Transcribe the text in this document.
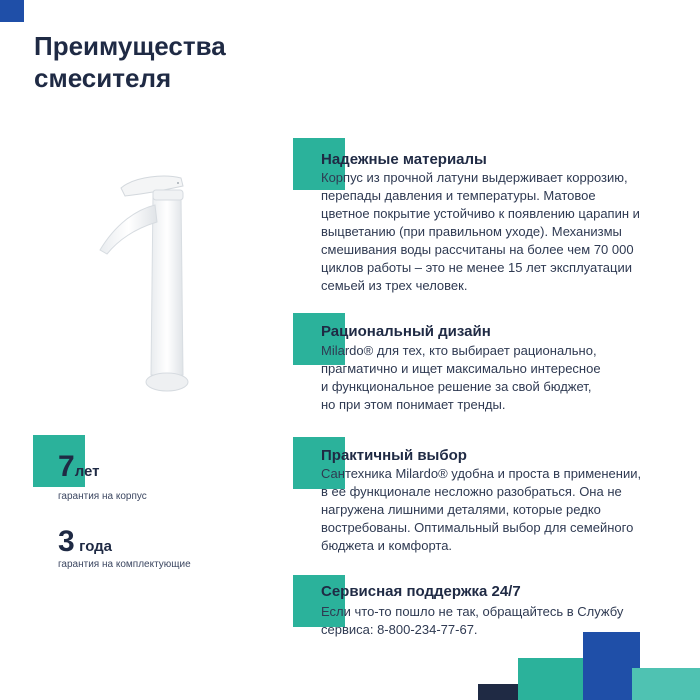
Преимущества
смесителя
Надежные материалы
Корпус из прочной латуни выдерживает коррозию,
перепады давления и температуры. Матовое
цветное покрытие устойчиво к появлению царапин и
выцветанию (при правильном уходе). Механизмы
смешивания воды рассчитаны на более чем 70 000
циклов работы – это не менее 15 лет эксплуатации
семьей из трех человек.
Рациональный дизайн
Milardo® для тех, кто выбирает рационально,
прагматично и ищет максимально интересное
и функциональное решение за свой бюджет,
но при этом понимает тренды.
Практичный выбор
Сантехника Milardo® удобна и проста в применении,
в ее функционале несложно разобраться. Она не
нагружена лишними деталями, которые редко
востребованы. Оптимальный выбор для семейного
бюджета и комфорта.
Сервисная поддержка 24/7
Если что-то пошло не так, обращайтесь в Службу
сервиса: 8-800-234-77-67.
7лет
гарантия на корпус
3 года
гарантия на комплектующие
